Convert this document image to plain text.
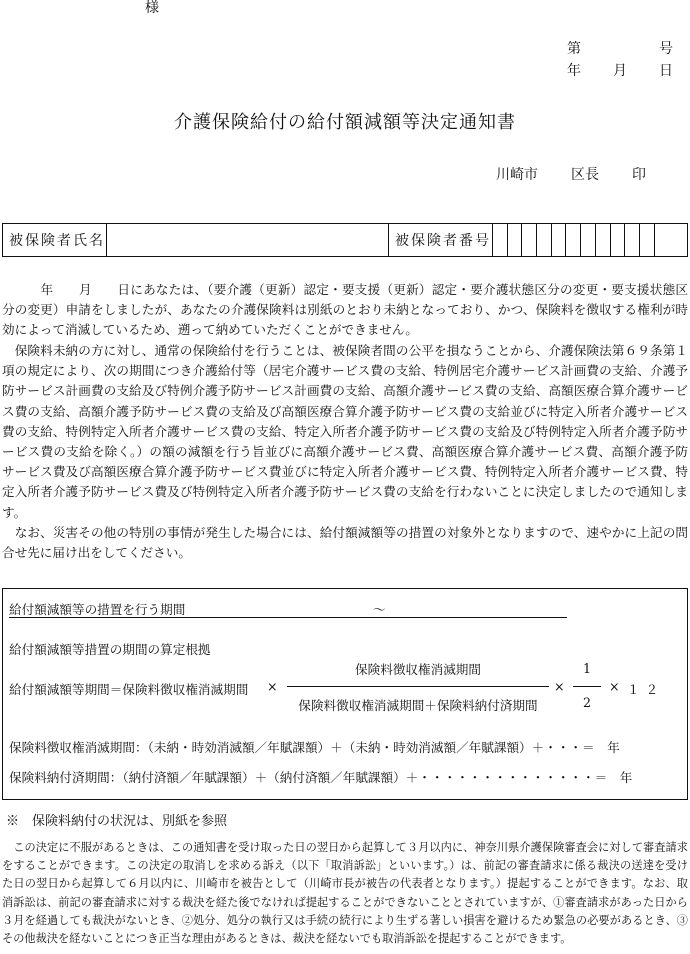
様
第	号
年 月 日
介護保険給付の給付額減額等決定通知書
川崎市 区長 印
被保険者氏名	被保険者番号
　　　年　　月　　日にあなたは、（要介護（更新）認定・要支援（更新）認定・要介護状態区分の変更・要支援状態区分の変更）申請をしましたが、あなたの介護保険料は別紙のとおり未納となっており、かつ、保険料を徴収する権利が時効によって消滅しているため、遡って納めていただくことができません。
　保険料未納の方に対し、通常の保険給付を行うことは、被保険者間の公平を損なうことから、介護保険法第６９条第１項の規定により、次の期間につき介護給付等（居宅介護サービス費の支給、特例居宅介護サービス計画費の支給、介護予防サービス計画費の支給及び特例介護予防サービス計画費の支給、高額介護サービス費の支給、高額医療合算介護サービス費の支給、高額介護予防サービス費の支給及び高額医療合算介護予防サービス費の支給並びに特定入所者介護サービス費の支給、特例特定入所者介護サービス費の支給、特定入所者介護予防サービス費の支給及び特例特定入所者介護予防サービス費の支給を除く。）の額の減額を行う旨並びに高額介護サービス費、高額医療合算介護サービス費、高額介護予防サービス費及び高額医療合算介護予防サービス費並びに特定入所者介護サービス費、特例特定入所者介護サービス費、特定入所者介護予防サービス費及び特例特定入所者介護予防サービス費の支給を行わないことに決定しましたので通知します。
　なお、災害その他の特別の事情が発生した場合には、給付額減額等の措置の対象外となりますので、速やかに上記の問合せ先に届け出をしてください。
給付額減額等の措置を行う期間	～
給付額減額等措置の期間の算定根拠
給付額減額等期間＝保険料徴収権消滅期間 ×
保険料徴収権消滅期間
保険料徴収権消滅期間＋保険料納付済期間
×
1
2
× １２
保険料徴収権消滅期間：（未納・時効消滅額／年賦課額）＋（未納・時効消滅額／年賦課額）＋・・・＝　年
保険料納付済期間：（納付済額／年賦課額）＋（納付済額／年賦課額）＋・・・・・・・・・・・・・・＝　年
※　保険料納付の状況は、別紙を参照
　この決定に不服があるときは、この通知書を受け取った日の翌日から起算して３月以内に、神奈川県介護保険審査会に対して審査請求をすることができます。この決定の取消しを求める訴え（以下「取消訴訟」といいます。）は、前記の審査請求に係る裁決の送達を受けた日の翌日から起算して６月以内に、川崎市を被告として（川崎市長が被告の代表者となります。）提起することができます。なお、取消訴訟は、前記の審査請求に対する裁決を経た後でなければ提起することができないこととされていますが、①審査請求があった日から３月を経過しても裁決がないとき、②処分、処分の執行又は手続の続行により生ずる著しい損害を避けるため緊急の必要があるとき、③その他裁決を経ないことにつき正当な理由があるときは、裁決を経ないでも取消訴訟を提起することができます。
